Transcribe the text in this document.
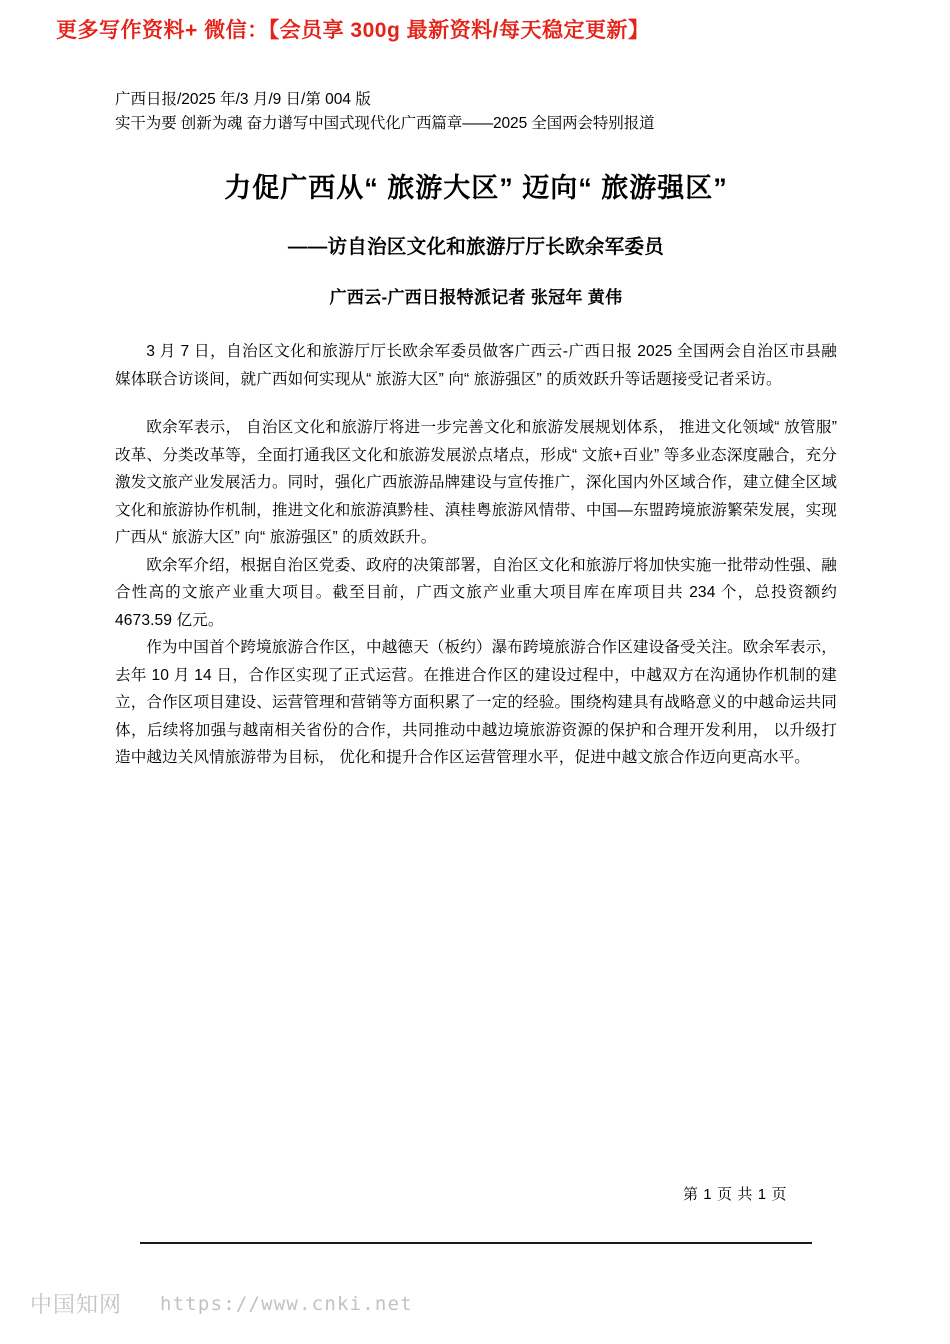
更多写作资料+ 微信：【会员享 300g 最新资料/每天稳定更新】
广西日报/2025 年/3 月/9 日/第 004 版
实干为要 创新为魂 奋力谱写中国式现代化广西篇章——2025 全国两会特别报道
力促广西从“ 旅游大区” 迈向“ 旅游强区”
——访自治区文化和旅游厅厅长欧余军委员
广西云-广西日报特派记者 张冠年 黄伟

3 月 7 日，自治区文化和旅游厅厅长欧余军委员做客广西云-广西日报 2025 全国两会自治区市县融媒体联合访谈间，就广西如何实现从“ 旅游大区” 向“ 旅游强区” 的质效跃升等话题接受记者采访。

欧余军表示， 自治区文化和旅游厅将进一步完善文化和旅游发展规划体系， 推进文化领域“ 放管服” 改革、分类改革等，全面打通我区文化和旅游发展淤点堵点，形成“ 文旅+百业” 等多业态深度融合，充分激发文旅产业发展活力。同时，强化广西旅游品牌建设与宣传推广，深化国内外区域合作，建立健全区域文化和旅游协作机制，推进文化和旅游滇黔桂、滇桂粤旅游风情带、中国—东盟跨境旅游繁荣发展，实现广西从“ 旅游大区” 向“ 旅游强区” 的质效跃升。

欧余军介绍，根据自治区党委、政府的决策部署，自治区文化和旅游厅将加快实施一批带动性强、融合性高的文旅产业重大项目。截至目前，广西文旅产业重大项目库在库项目共 234 个，总投资额约 4673.59 亿元。

作为中国首个跨境旅游合作区，中越德天（板约）瀑布跨境旅游合作区建设备受关注。欧余军表示，去年 10 月 14 日，合作区实现了正式运营。在推进合作区的建设过程中，中越双方在沟通协作机制的建立，合作区项目建设、运营管理和营销等方面积累了一定的经验。围绕构建具有战略意义的中越命运共同体，后续将加强与越南相关省份的合作，共同推动中越边境旅游资源的保护和合理开发利用， 以升级打造中越边关风情旅游带为目标， 优化和提升合作区运营管理水平，促进中越文旅合作迈向更高水平。

第 1 页 共 1 页
中国知网 https://www.cnki.net
